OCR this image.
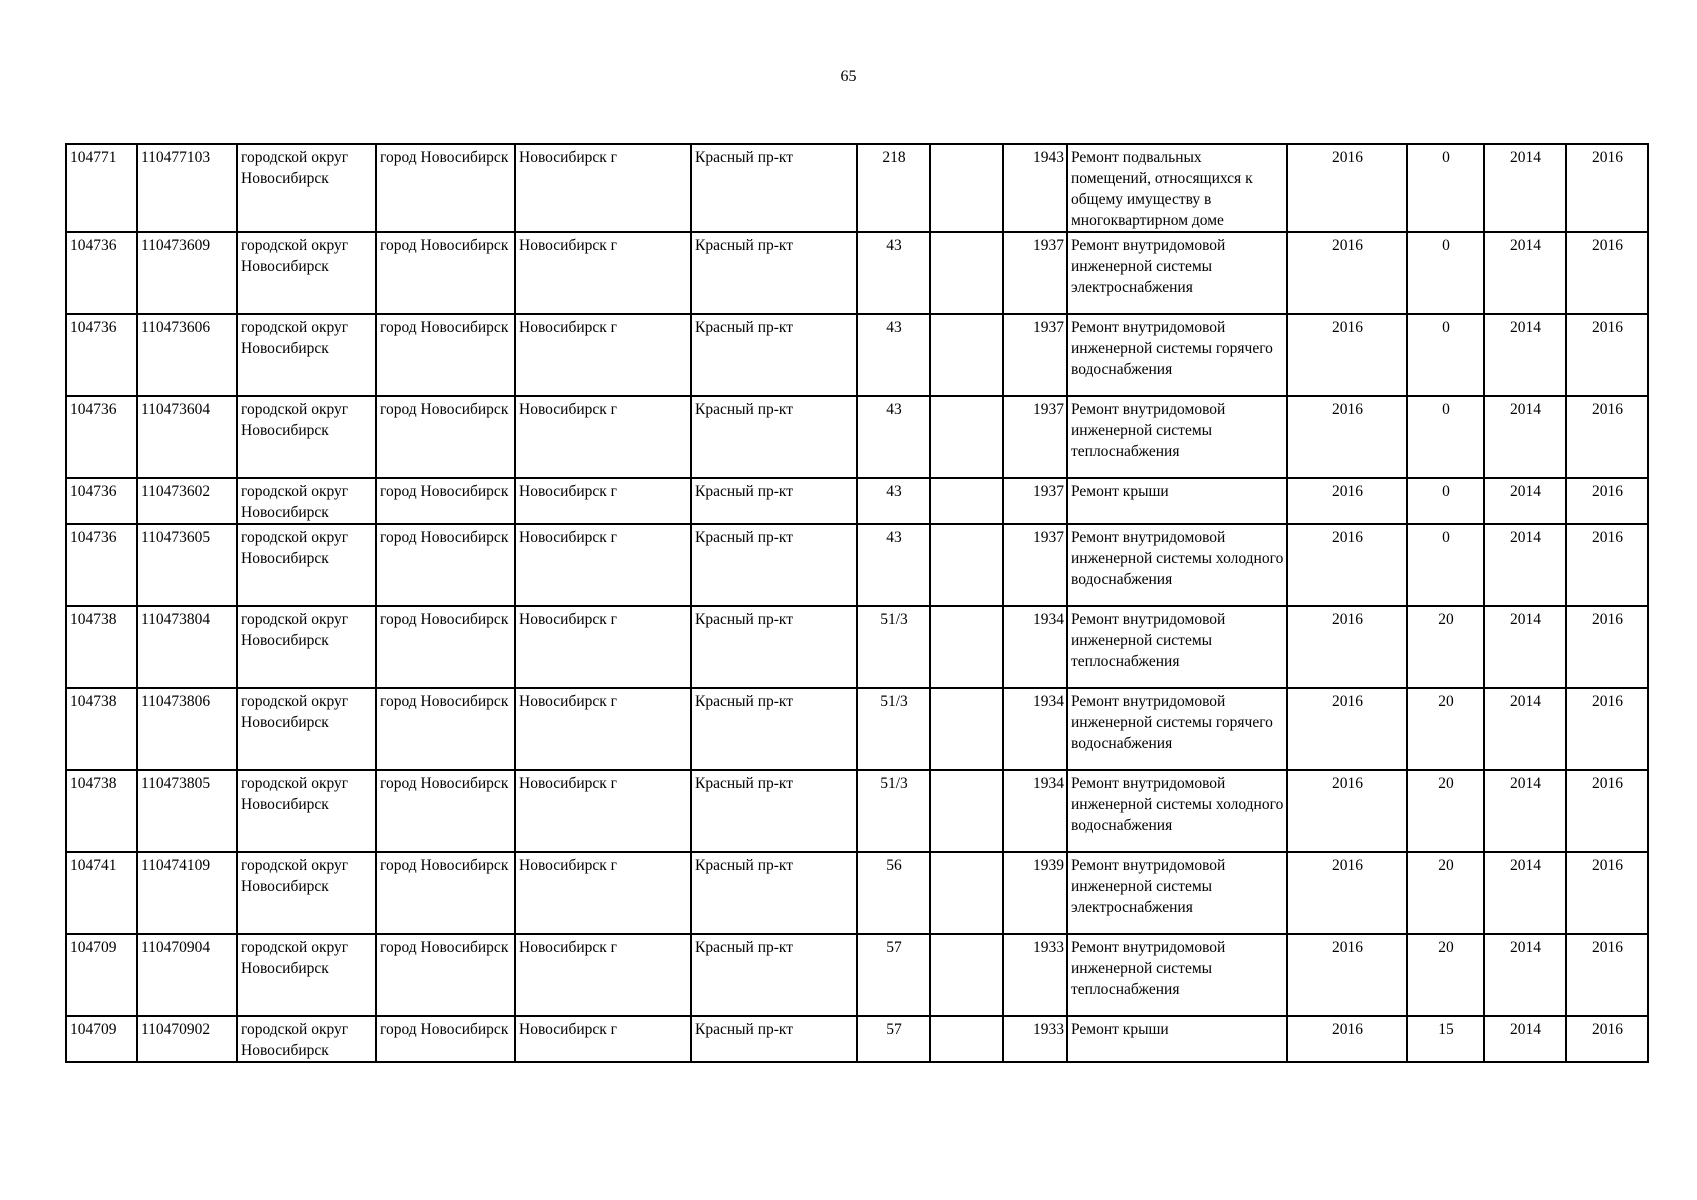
65
104771	110477103	городской округ Новосибирск	город Новосибирск	Новосибирск г	Красный пр-кт	218		1943	Ремонт подвальных помещений, относящихся к общему имуществу в многоквартирном доме	2016	0	2014	2016
104736	110473609	городской округ Новосибирск	город Новосибирск	Новосибирск г	Красный пр-кт	43		1937	Ремонт внутридомовой инженерной системы электроснабжения	2016	0	2014	2016
104736	110473606	городской округ Новосибирск	город Новосибирск	Новосибирск г	Красный пр-кт	43		1937	Ремонт внутридомовой инженерной системы горячего водоснабжения	2016	0	2014	2016
104736	110473604	городской округ Новосибирск	город Новосибирск	Новосибирск г	Красный пр-кт	43		1937	Ремонт внутридомовой инженерной системы теплоснабжения	2016	0	2014	2016
104736	110473602	городской округ Новосибирск	город Новосибирск	Новосибирск г	Красный пр-кт	43		1937	Ремонт крыши	2016	0	2014	2016
104736	110473605	городской округ Новосибирск	город Новосибирск	Новосибирск г	Красный пр-кт	43		1937	Ремонт внутридомовой инженерной системы холодного водоснабжения	2016	0	2014	2016
104738	110473804	городской округ Новосибирск	город Новосибирск	Новосибирск г	Красный пр-кт	51/3		1934	Ремонт внутридомовой инженерной системы теплоснабжения	2016	20	2014	2016
104738	110473806	городской округ Новосибирск	город Новосибирск	Новосибирск г	Красный пр-кт	51/3		1934	Ремонт внутридомовой инженерной системы горячего водоснабжения	2016	20	2014	2016
104738	110473805	городской округ Новосибирск	город Новосибирск	Новосибирск г	Красный пр-кт	51/3		1934	Ремонт внутридомовой инженерной системы холодного водоснабжения	2016	20	2014	2016
104741	110474109	городской округ Новосибирск	город Новосибирск	Новосибирск г	Красный пр-кт	56		1939	Ремонт внутридомовой инженерной системы электроснабжения	2016	20	2014	2016
104709	110470904	городской округ Новосибирск	город Новосибирск	Новосибирск г	Красный пр-кт	57		1933	Ремонт внутридомовой инженерной системы теплоснабжения	2016	20	2014	2016
104709	110470902	городской округ Новосибирск	город Новосибирск	Новосибирск г	Красный пр-кт	57		1933	Ремонт крыши	2016	15	2014	2016
